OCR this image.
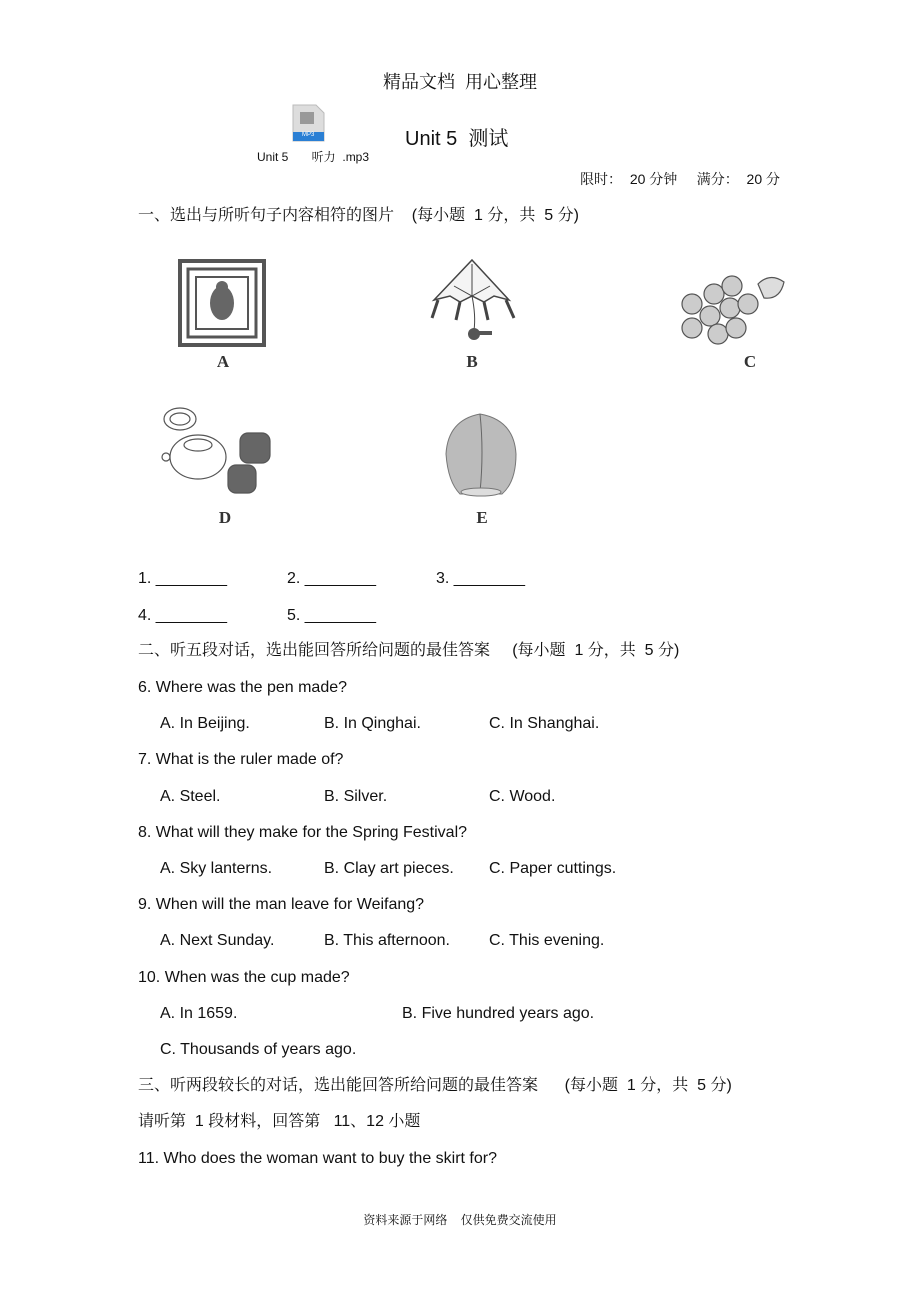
精品文档  用心整理
MP3
Unit 5       听力  .mp3
Unit 5  测试
限时：  20 分钟     满分：  20 分
一、选出与所听句子内容相符的图片    (每小题  1 分，共  5 分)
A	B	C
D	E
1. ________	2. ________	3. ________
4. ________	5. ________
二、听五段对话，选出能回答所给问题的最佳答案     (每小题  1 分，共  5 分)
6. Where was the pen made?
A. In Beijing.	B. In Qinghai.	C. In Shanghai.
7. What is the ruler made of?
A. Steel.	B. Silver.	C. Wood.
8. What will they make for the Spring Festival?
A. Sky lanterns.	B. Clay art pieces. C. Paper cuttings.
9. When will the man leave for Weifang?
A. Next Sunday.	B. This afternoon. C. This evening.
10. When was the cup made?
A. In 1659.	B. Five hundred years ago.
C. Thousands of years ago.
三、听两段较长的对话，选出能回答所给问题的最佳答案      (每小题  1 分，共  5 分)
请听第  1 段材料，回答第   11、12 小题
11. Who does the woman want to buy the skirt for?
资料来源于网络    仅供免费交流使用
